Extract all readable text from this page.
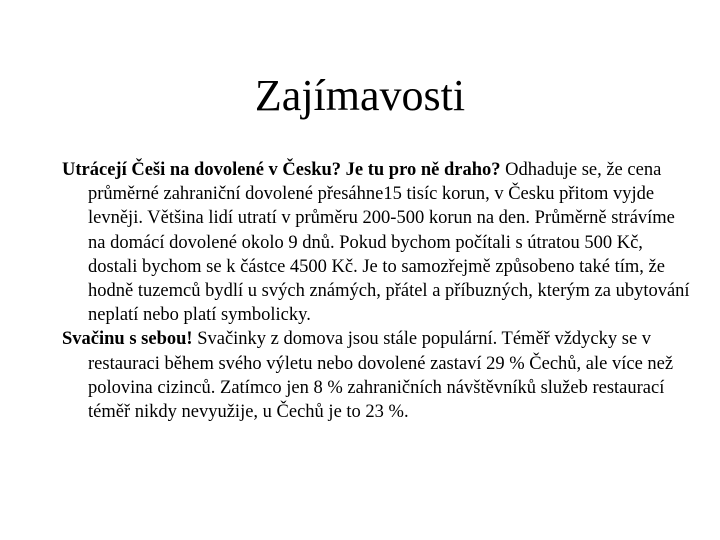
Zajímavosti

Utrácejí Češi na dovolené v Česku? Je tu pro ně draho? Odhaduje se, že cena průměrné zahraniční dovolené přesáhne15 tisíc korun, v Česku přitom vyjde levněji. Většina lidí utratí v průměru 200-500 korun na den. Průměrně strávíme na domácí dovolené okolo 9 dnů. Pokud bychom počítali s útratou 500 Kč, dostali bychom se k částce 4500 Kč. Je to samozřejmě způsobeno také tím, že hodně tuzemců bydlí u svých známých, přátel a příbuzných, kterým za ubytování neplatí nebo platí symbolicky.

Svačinu s sebou! Svačinky z domova jsou stále populární. Téměř vždycky se v restauraci během svého výletu nebo dovolené zastaví 29 % Čechů, ale více než polovina cizinců. Zatímco jen 8 % zahraničních návštěvníků služeb restaurací téměř nikdy nevyužije, u Čechů je to 23 %.
